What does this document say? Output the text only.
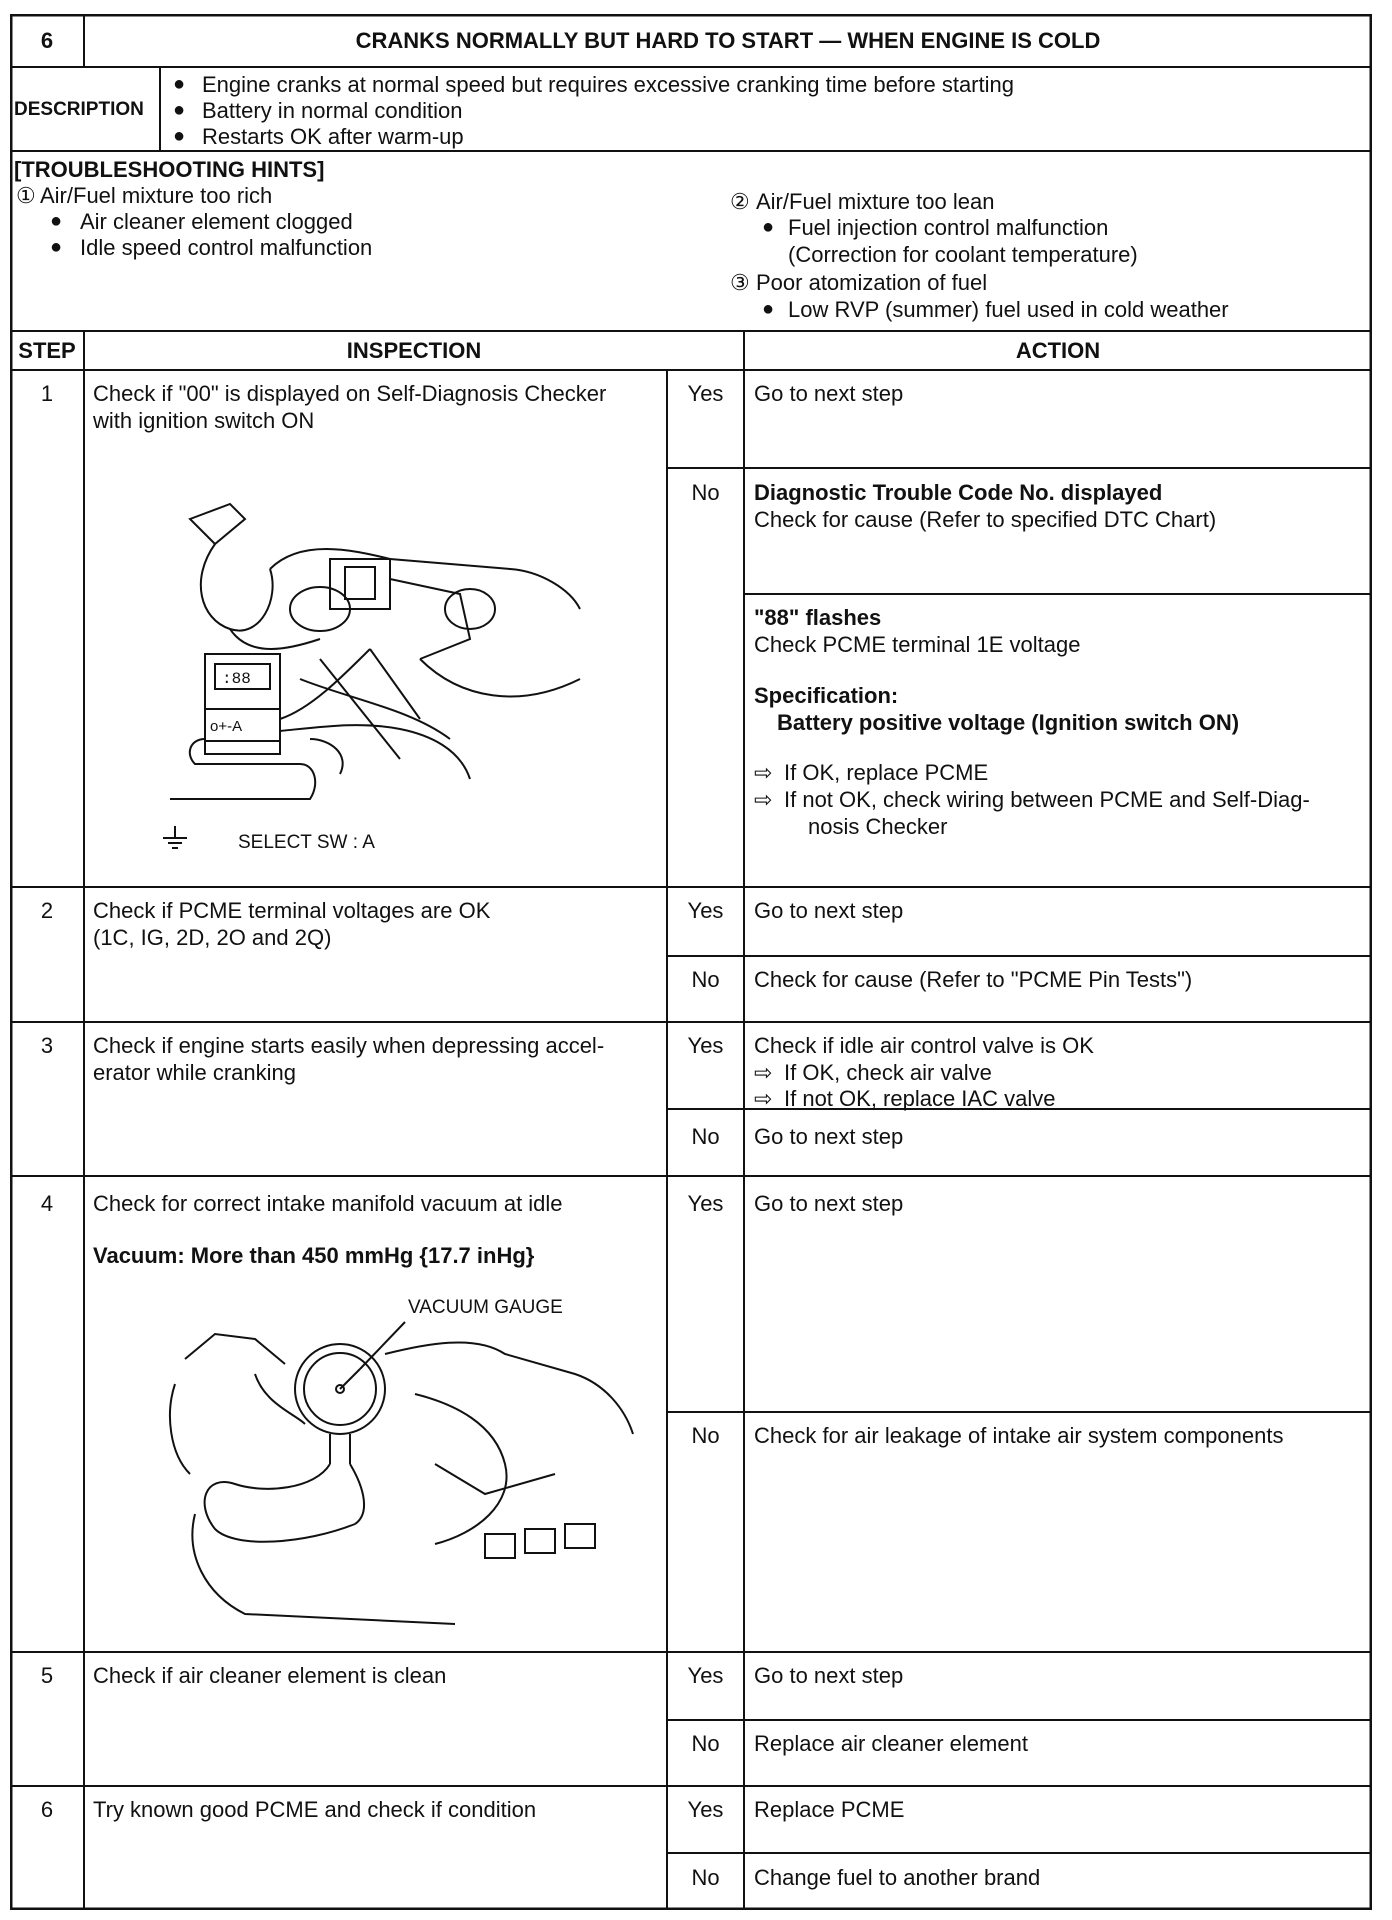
6	CRANKS NORMALLY BUT HARD TO START — WHEN ENGINE IS COLD
DESCRIPTION
● Engine cranks at normal speed but requires excessive cranking time before starting
● Battery in normal condition
● Restarts OK after warm-up
[TROUBLESHOOTING HINTS]
① Air/Fuel mixture too rich
● Air cleaner element clogged
● Idle speed control malfunction
② Air/Fuel mixture too lean
● Fuel injection control malfunction
(Correction for coolant temperature)
③ Poor atomization of fuel
● Low RVP (summer) fuel used in cold weather
STEP	INSPECTION	ACTION
1	Check if "00" is displayed on Self-Diagnosis Checker
with ignition switch ON
:88
o+-A
SELECT SW : A
Yes	Go to next step
No	Diagnostic Trouble Code No. displayed
Check for cause (Refer to specified DTC Chart)
"88" flashes
Check PCME terminal 1E voltage
Specification:
Battery positive voltage (Ignition switch ON)
⇨ If OK, replace PCME
⇨ If not OK, check wiring between PCME and Self-Diag-
nosis Checker
2	Check if PCME terminal voltages are OK
(1C, IG, 2D, 2O and 2Q)
Yes	Go to next step
No	Check for cause (Refer to "PCME Pin Tests")
3	Check if engine starts easily when depressing accel-
erator while cranking
Yes	Check if idle air control valve is OK
⇨ If OK, check air valve
⇨ If not OK, replace IAC valve
No	Go to next step
4	Check for correct intake manifold vacuum at idle
Vacuum: More than 450 mmHg {17.7 inHg}
VACUUM GAUGE
Yes	Go to next step
No	Check for air leakage of intake air system components
5	Check if air cleaner element is clean	Yes	Go to next step
No	Replace air cleaner element
6	Try known good PCME and check if condition	Yes	Replace PCME
No	Change fuel to another brand
